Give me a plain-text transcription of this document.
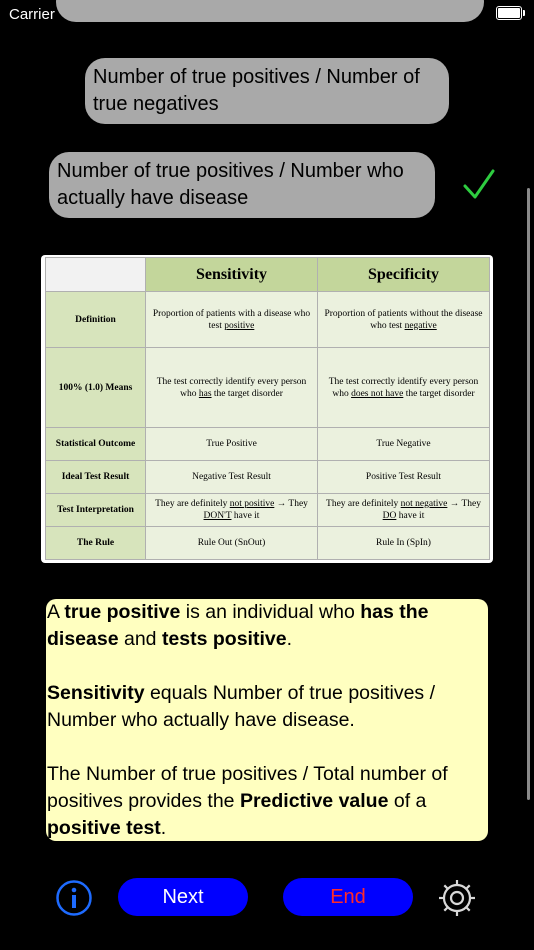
Carrier
Number of true positives / Number of true negatives
Number of true positives / Number who actually have disease
	Sensitivity	Specificity
Definition	Proportion of patients with a disease who test positive	Proportion of patients without the disease who test negative
100% (1.0) Means	The test correctly identify every person who has the target disorder	The test correctly identify every person who does not have the target disorder
Statistical Outcome	True Positive	True Negative
Ideal Test Result	Negative Test Result	Positive Test Result
Test Interpretation	They are definitely not positive → They DON'T have it	They are definitely not negative → They DO have it
The Rule	Rule Out (SnOut)	Rule In (SpIn)

A true positive is an individual who has the disease and tests positive.

Sensitivity equals Number of true positives / Number who actually have disease.

The Number of true positives / Total number of positives provides the Predictive value of a positive test.

Next	End
